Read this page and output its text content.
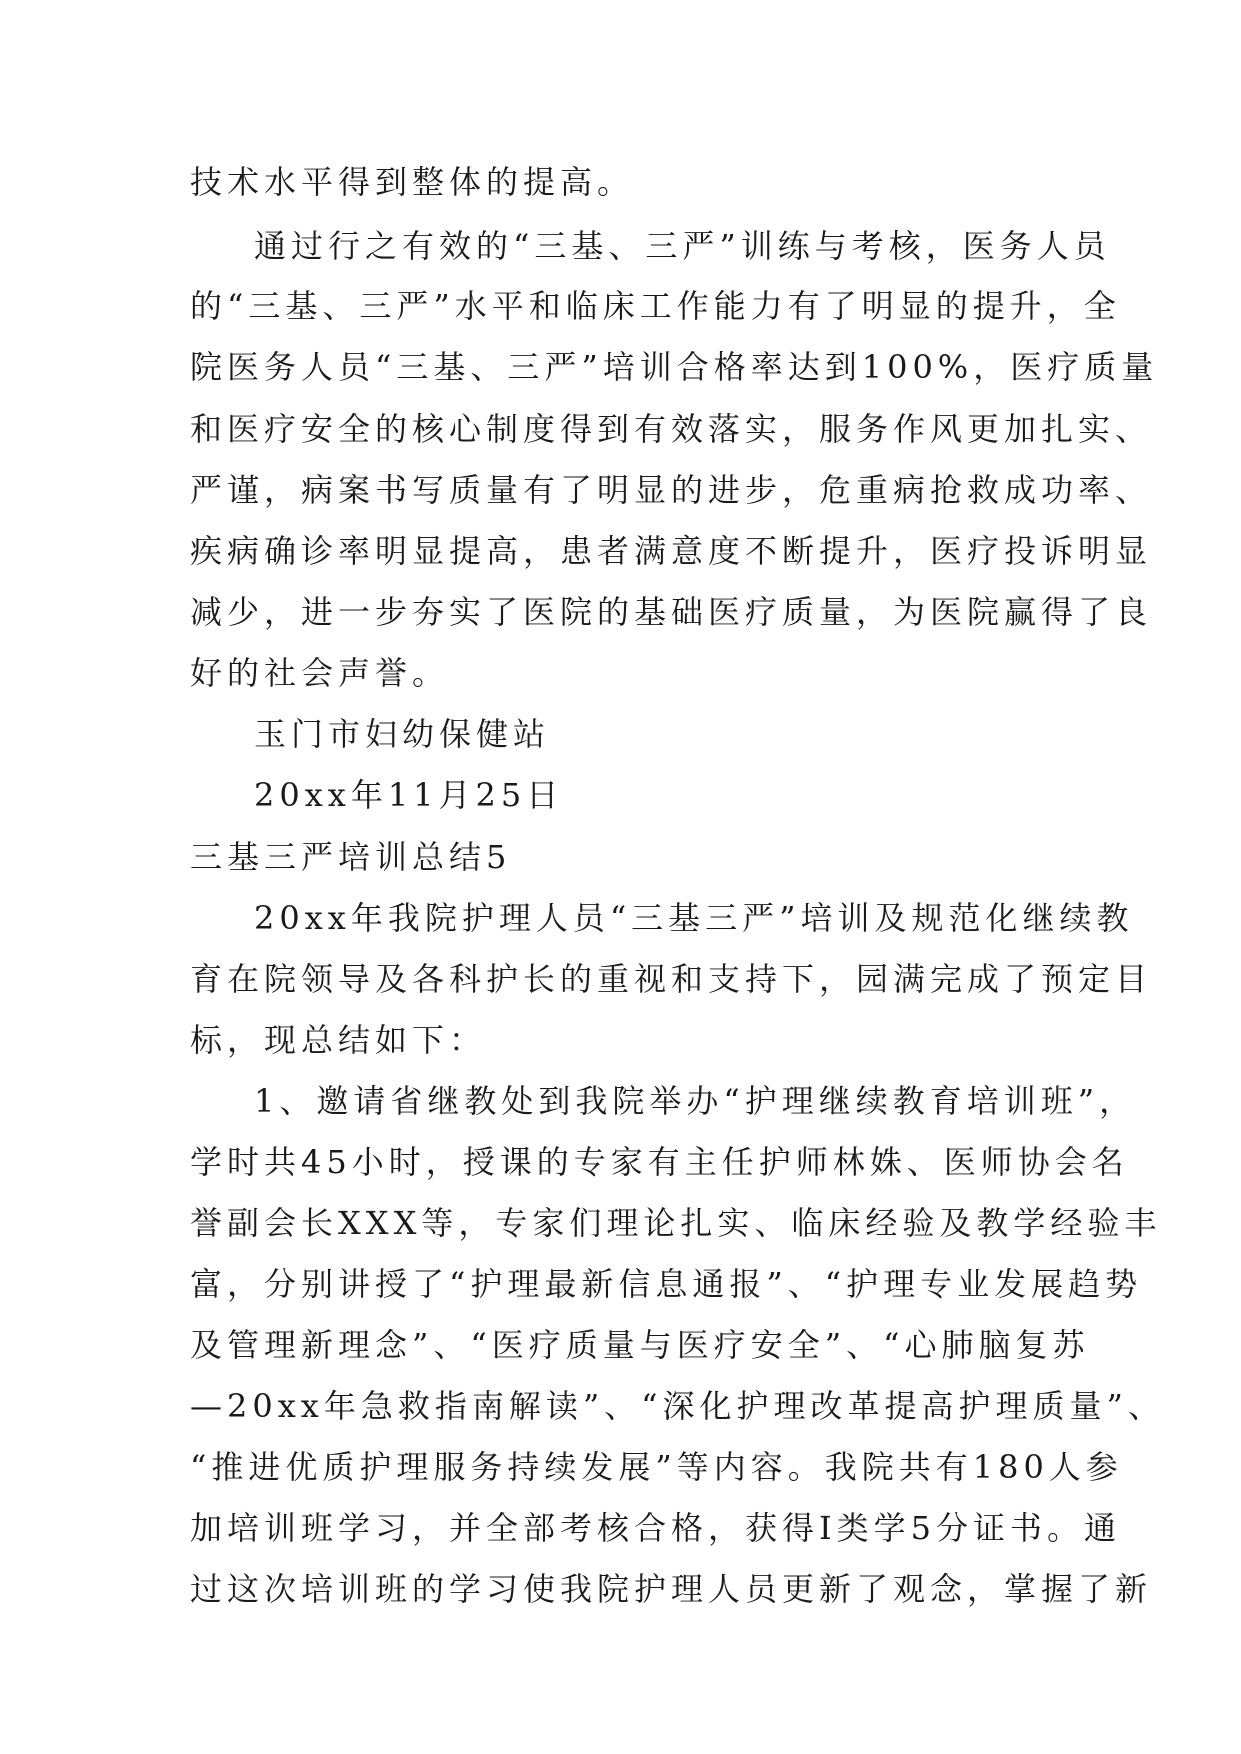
技术水平得到整体的提高。
通过行之有效的“三基、三严”训练与考核，医务人员
的“三基、三严”水平和临床工作能力有了明显的提升，全
院医务人员“三基、三严”培训合格率达到100%，医疗质量
和医疗安全的核心制度得到有效落实，服务作风更加扎实、
严谨，病案书写质量有了明显的进步，危重病抢救成功率、
疾病确诊率明显提高，患者满意度不断提升，医疗投诉明显
减少，进一步夯实了医院的基础医疗质量，为医院赢得了良
好的社会声誉。
玉门市妇幼保健站
20xx年11月25日
三基三严培训总结5
20xx年我院护理人员“三基三严”培训及规范化继续教
育在院领导及各科护长的重视和支持下，园满完成了预定目
标，现总结如下：
1、邀请省继教处到我院举办“护理继续教育培训班”，
学时共45小时，授课的专家有主任护师林姝、医师协会名
誉副会长XXX等，专家们理论扎实、临床经验及教学经验丰
富，分别讲授了“护理最新信息通报”、“护理专业发展趋势
及管理新理念”、“医疗质量与医疗安全”、“心肺脑复苏
—20xx年急救指南解读”、“深化护理改革提高护理质量”、
“推进优质护理服务持续发展”等内容。我院共有180人参
加培训班学习，并全部考核合格，获得Ⅰ类学5分证书。通
过这次培训班的学习使我院护理人员更新了观念，掌握了新
